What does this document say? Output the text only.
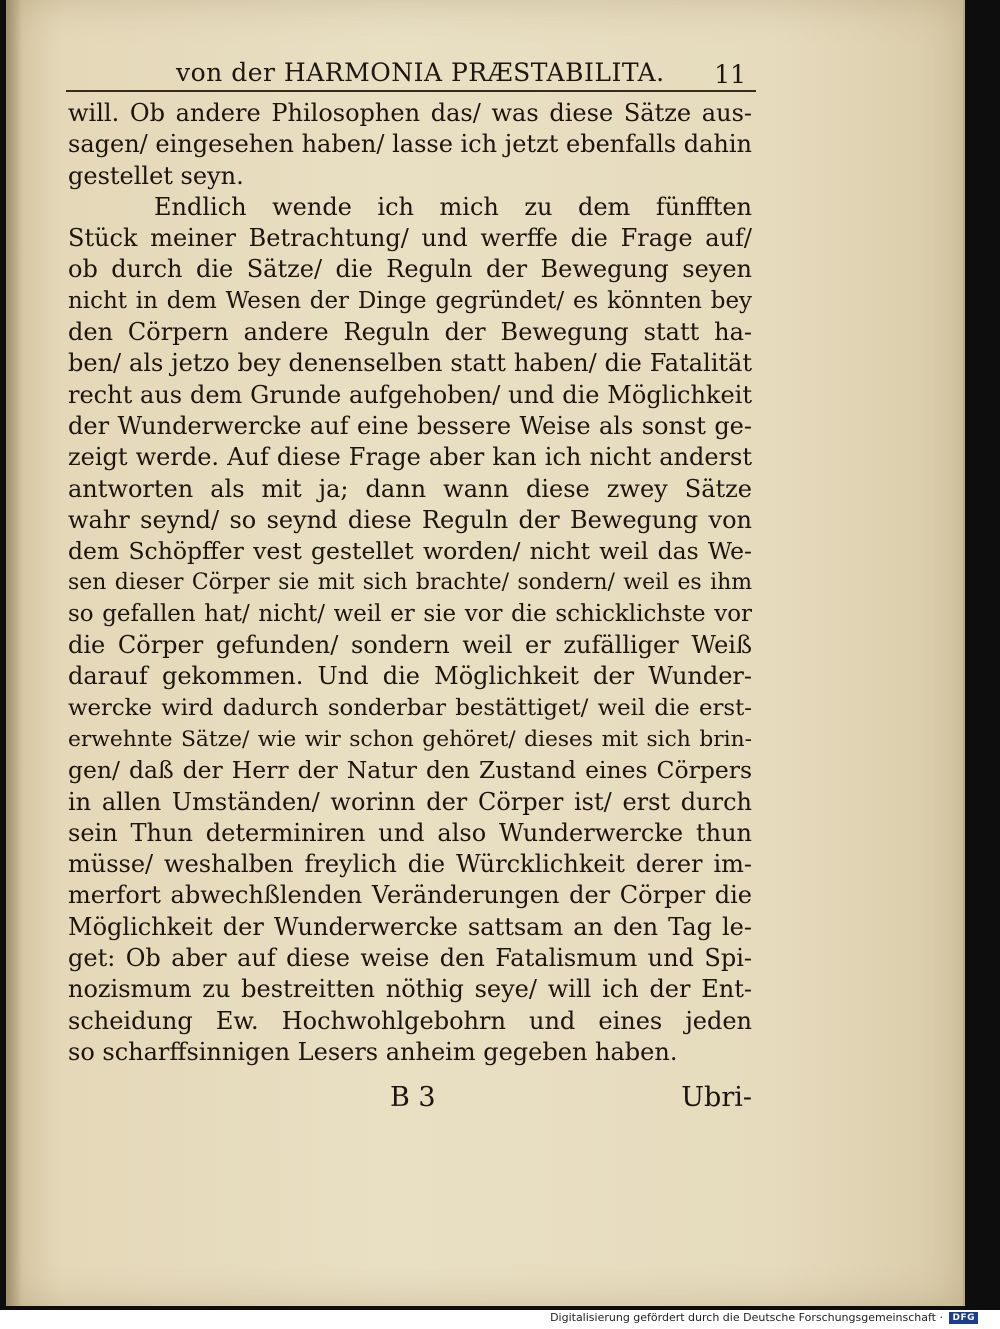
von der HARMONIA PRÆSTABILITA. 11
will. Ob andere Philosophen das/ was diese Sätze aus-
sagen/ eingesehen haben/ lasse ich jetzt ebenfalls dahin
gestellet seyn.
Endlich wende ich mich zu dem fünfften
Stück meiner Betrachtung/ und werffe die Frage auf/
ob durch die Sätze/ die Reguln der Bewegung seyen
nicht in dem Wesen der Dinge gegründet/ es könnten bey
den Cörpern andere Reguln der Bewegung statt ha-
ben/ als jetzo bey denenselben statt haben/ die Fatalität
recht aus dem Grunde aufgehoben/ und die Möglichkeit
der Wunderwercke auf eine bessere Weise als sonst ge-
zeigt werde. Auf diese Frage aber kan ich nicht anderst
antworten als mit ja; dann wann diese zwey Sätze
wahr seynd/ so seynd diese Reguln der Bewegung von
dem Schöpffer vest gestellet worden/ nicht weil das We-
sen dieser Cörper sie mit sich brachte/ sondern/ weil es ihm
so gefallen hat/ nicht/ weil er sie vor die schicklichste vor
die Cörper gefunden/ sondern weil er zufälliger Weiß
darauf gekommen. Und die Möglichkeit der Wunder-
wercke wird dadurch sonderbar bestättiget/ weil die erst-
erwehnte Sätze/ wie wir schon gehöret/ dieses mit sich brin-
gen/ daß der Herr der Natur den Zustand eines Cörpers
in allen Umständen/ worinn der Cörper ist/ erst durch
sein Thun determiniren und also Wunderwercke thun
müsse/ weshalben freylich die Würcklichkeit derer im-
merfort abwechßlenden Veränderungen der Cörper die
Möglichkeit der Wunderwercke sattsam an den Tag le-
get: Ob aber auf diese weise den Fatalismum und Spi-
nozismum zu bestreitten nöthig seye/ will ich der Ent-
scheidung Ew. Hochwohlgebohrn und eines jeden
so scharffsinnigen Lesers anheim gegeben haben.
B 3	Ubri-
Digitalisierung gefördert durch die Deutsche Forschungsgemeinschaft · DFG
